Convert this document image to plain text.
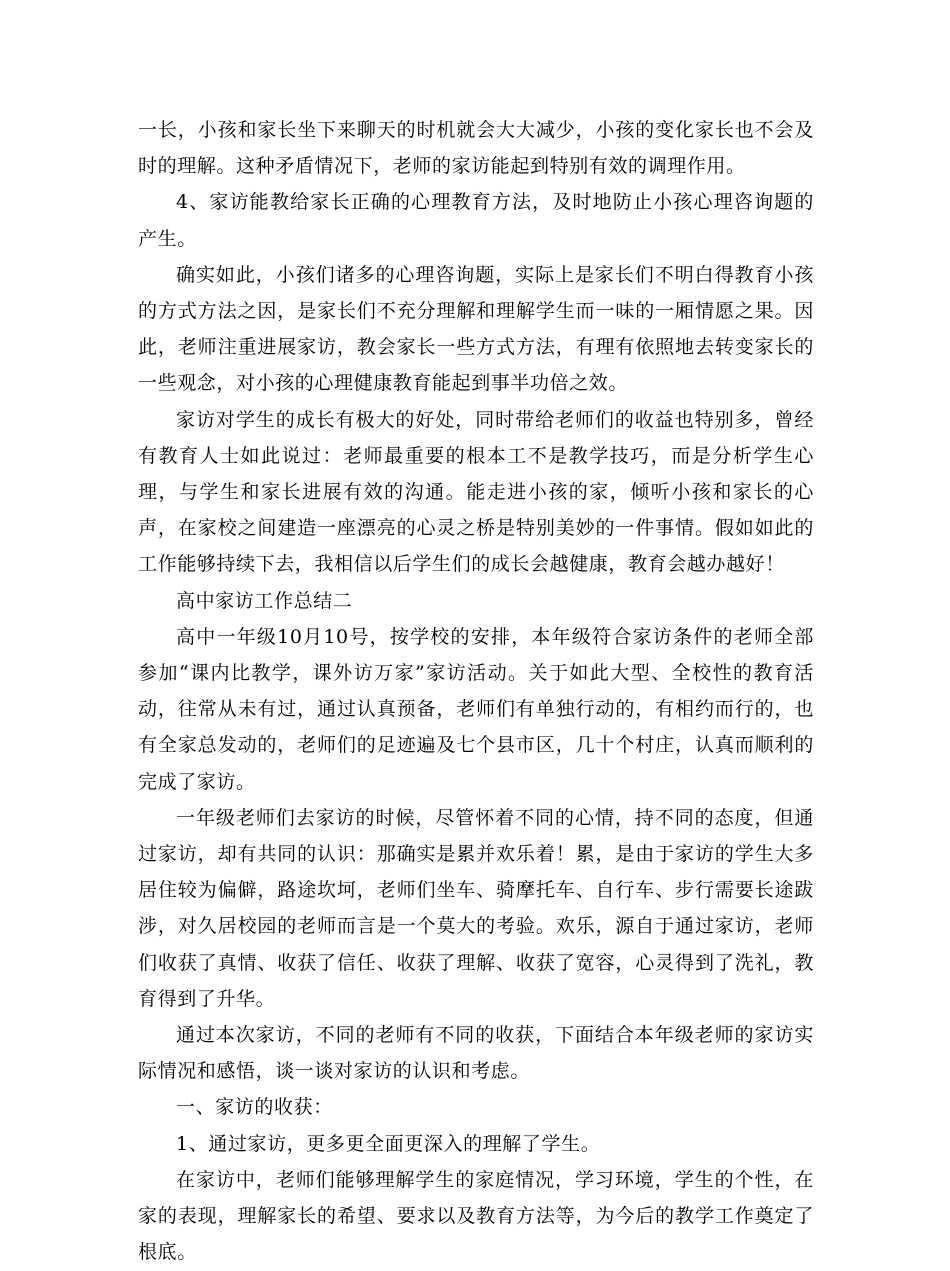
一长，小孩和家长坐下来聊天的时机就会大大减少，小孩的变化家长也不会及时的理解。这种矛盾情况下，老师的家访能起到特别有效的调理作用。

4、家访能教给家长正确的心理教育方法，及时地防止小孩心理咨询题的产生。

确实如此，小孩们诸多的心理咨询题，实际上是家长们不明白得教育小孩的方式方法之因，是家长们不充分理解和理解学生而一味的一厢情愿之果。因此，老师注重进展家访，教会家长一些方式方法，有理有依照地去转变家长的一些观念，对小孩的心理健康教育能起到事半功倍之效。

家访对学生的成长有极大的好处，同时带给老师们的收益也特别多，曾经有教育人士如此说过：老师最重要的根本工不是教学技巧，而是分析学生心理，与学生和家长进展有效的沟通。能走进小孩的家，倾听小孩和家长的心声，在家校之间建造一座漂亮的心灵之桥是特别美妙的一件事情。假如如此的工作能够持续下去，我相信以后学生们的成长会越健康，教育会越办越好！

高中家访工作总结二

高中一年级10月10号，按学校的安排，本年级符合家访条件的老师全部参加“课内比教学，课外访万家”家访活动。关于如此大型、全校性的教育活动，往常从未有过，通过认真预备，老师们有单独行动的，有相约而行的，也有全家总发动的，老师们的足迹遍及七个县市区，几十个村庄，认真而顺利的完成了家访。

一年级老师们去家访的时候，尽管怀着不同的心情，持不同的态度，但通过家访，却有共同的认识：那确实是累并欢乐着！累，是由于家访的学生大多居住较为偏僻，路途坎坷，老师们坐车、骑摩托车、自行车、步行需要长途跋涉，对久居校园的老师而言是一个莫大的考验。欢乐，源自于通过家访，老师们收获了真情、收获了信任、收获了理解、收获了宽容，心灵得到了洗礼，教育得到了升华。

通过本次家访，不同的老师有不同的收获，下面结合本年级老师的家访实际情况和感悟，谈一谈对家访的认识和考虑。

一、家访的收获：

1、通过家访，更多更全面更深入的理解了学生。

在家访中，老师们能够理解学生的家庭情况，学习环境，学生的个性，在家的表现，理解家长的希望、要求以及教育方法等，为今后的教学工作奠定了根底。
